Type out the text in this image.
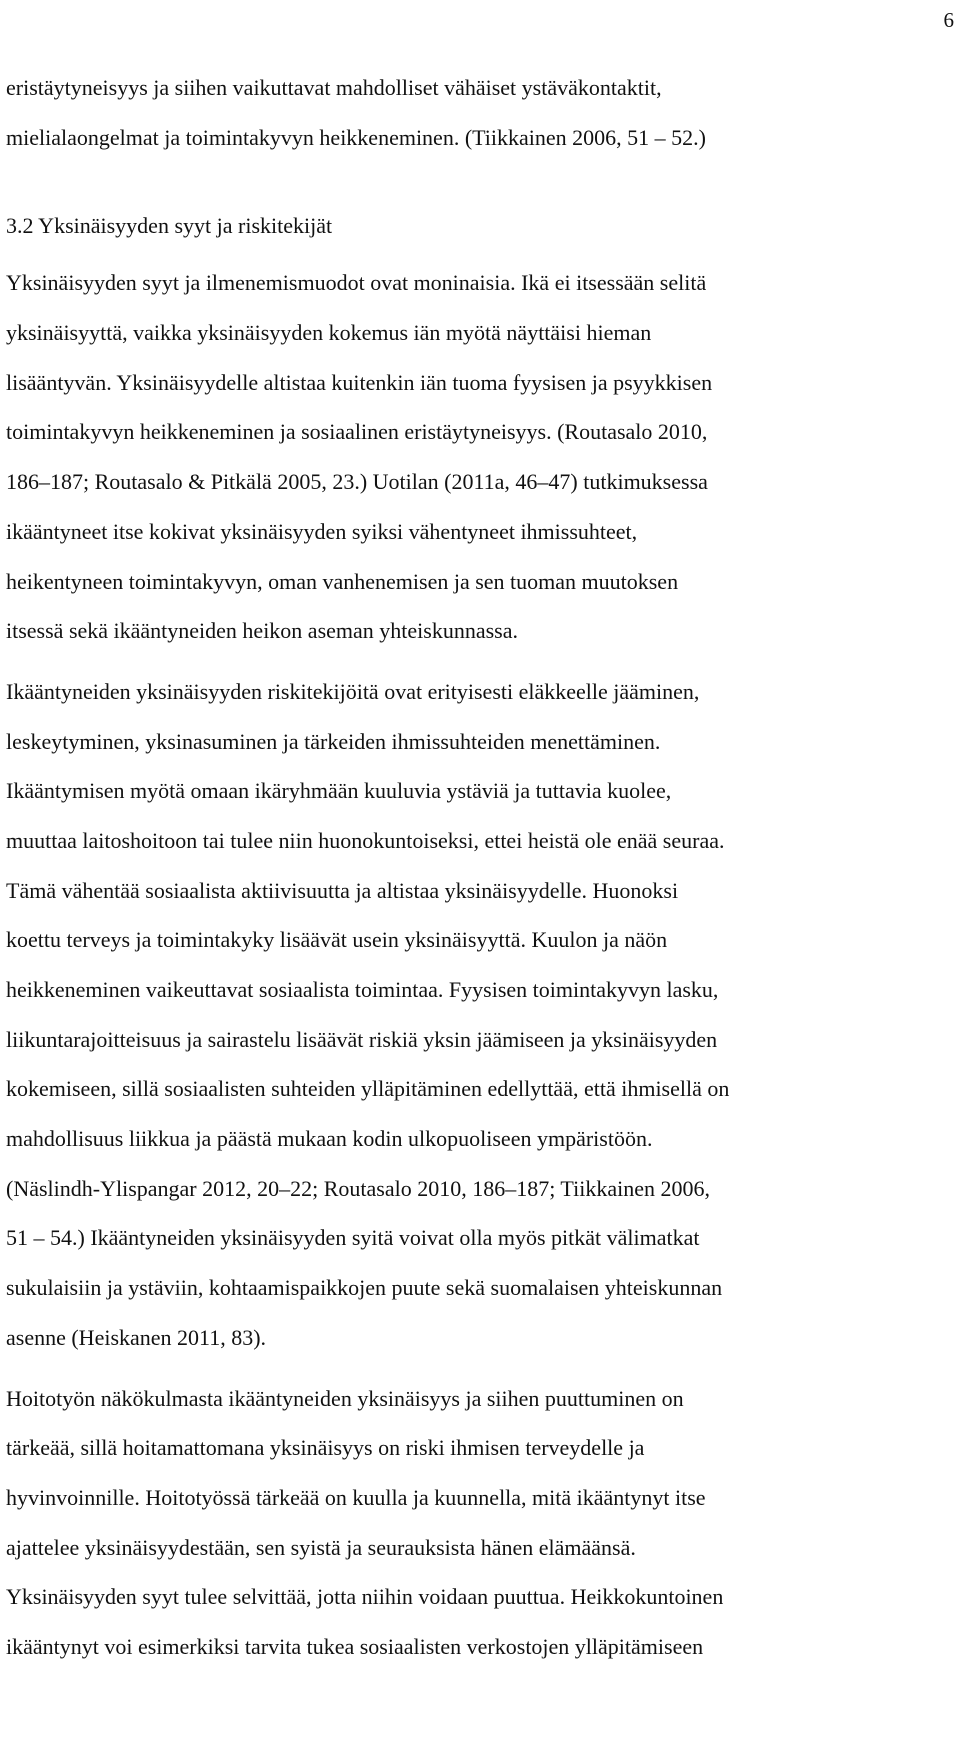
6
eristäytyneisyys ja siihen vaikuttavat mahdolliset vähäiset ystäväkontaktit,
mielialaongelmat ja toimintakyvyn heikkeneminen. (Tiikkainen 2006, 51 – 52.)
3.2 Yksinäisyyden syyt ja riskitekijät
Yksinäisyyden syyt ja ilmenemismuodot ovat moninaisia. Ikä ei itsessään selitä
yksinäisyyttä, vaikka yksinäisyyden kokemus iän myötä näyttäisi hieman
lisääntyvän. Yksinäisyydelle altistaa kuitenkin iän tuoma fyysisen ja psyykkisen
toimintakyvyn heikkeneminen ja sosiaalinen eristäytyneisyys. (Routasalo 2010,
186–187; Routasalo & Pitkälä 2005, 23.) Uotilan (2011a, 46–47) tutkimuksessa
ikääntyneet itse kokivat yksinäisyyden syiksi vähentyneet ihmissuhteet,
heikentyneen toimintakyvyn, oman vanhenemisen ja sen tuoman muutoksen
itsessä sekä ikääntyneiden heikon aseman yhteiskunnassa.
Ikääntyneiden yksinäisyyden riskitekijöitä ovat erityisesti eläkkeelle jääminen,
leskeytyminen, yksinasuminen ja tärkeiden ihmissuhteiden menettäminen.
Ikääntymisen myötä omaan ikäryhmään kuuluvia ystäviä ja tuttavia kuolee,
muuttaa laitoshoitoon tai tulee niin huonokuntoiseksi, ettei heistä ole enää seuraa.
Tämä vähentää sosiaalista aktiivisuutta ja altistaa yksinäisyydelle. Huonoksi
koettu terveys ja toimintakyky lisäävät usein yksinäisyyttä. Kuulon ja näön
heikkeneminen vaikeuttavat sosiaalista toimintaa. Fyysisen toimintakyvyn lasku,
liikuntarajoitteisuus ja sairastelu lisäävät riskiä yksin jäämiseen ja yksinäisyyden
kokemiseen, sillä sosiaalisten suhteiden ylläpitäminen edellyttää, että ihmisellä on
mahdollisuus liikkua ja päästä mukaan kodin ulkopuoliseen ympäristöön.
(Näslindh-Ylispangar 2012, 20–22; Routasalo 2010, 186–187; Tiikkainen 2006,
51 – 54.) Ikääntyneiden yksinäisyyden syitä voivat olla myös pitkät välimatkat
sukulaisiin ja ystäviin, kohtaamispaikkojen puute sekä suomalaisen yhteiskunnan
asenne (Heiskanen 2011, 83).
Hoitotyön näkökulmasta ikääntyneiden yksinäisyys ja siihen puuttuminen on
tärkeää, sillä hoitamattomana yksinäisyys on riski ihmisen terveydelle ja
hyvinvoinnille. Hoitotyössä tärkeää on kuulla ja kuunnella, mitä ikääntynyt itse
ajattelee yksinäisyydestään, sen syistä ja seurauksista hänen elämäänsä.
Yksinäisyyden syyt tulee selvittää, jotta niihin voidaan puuttua. Heikkokuntoinen
ikääntynyt voi esimerkiksi tarvita tukea sosiaalisten verkostojen ylläpitämiseen
